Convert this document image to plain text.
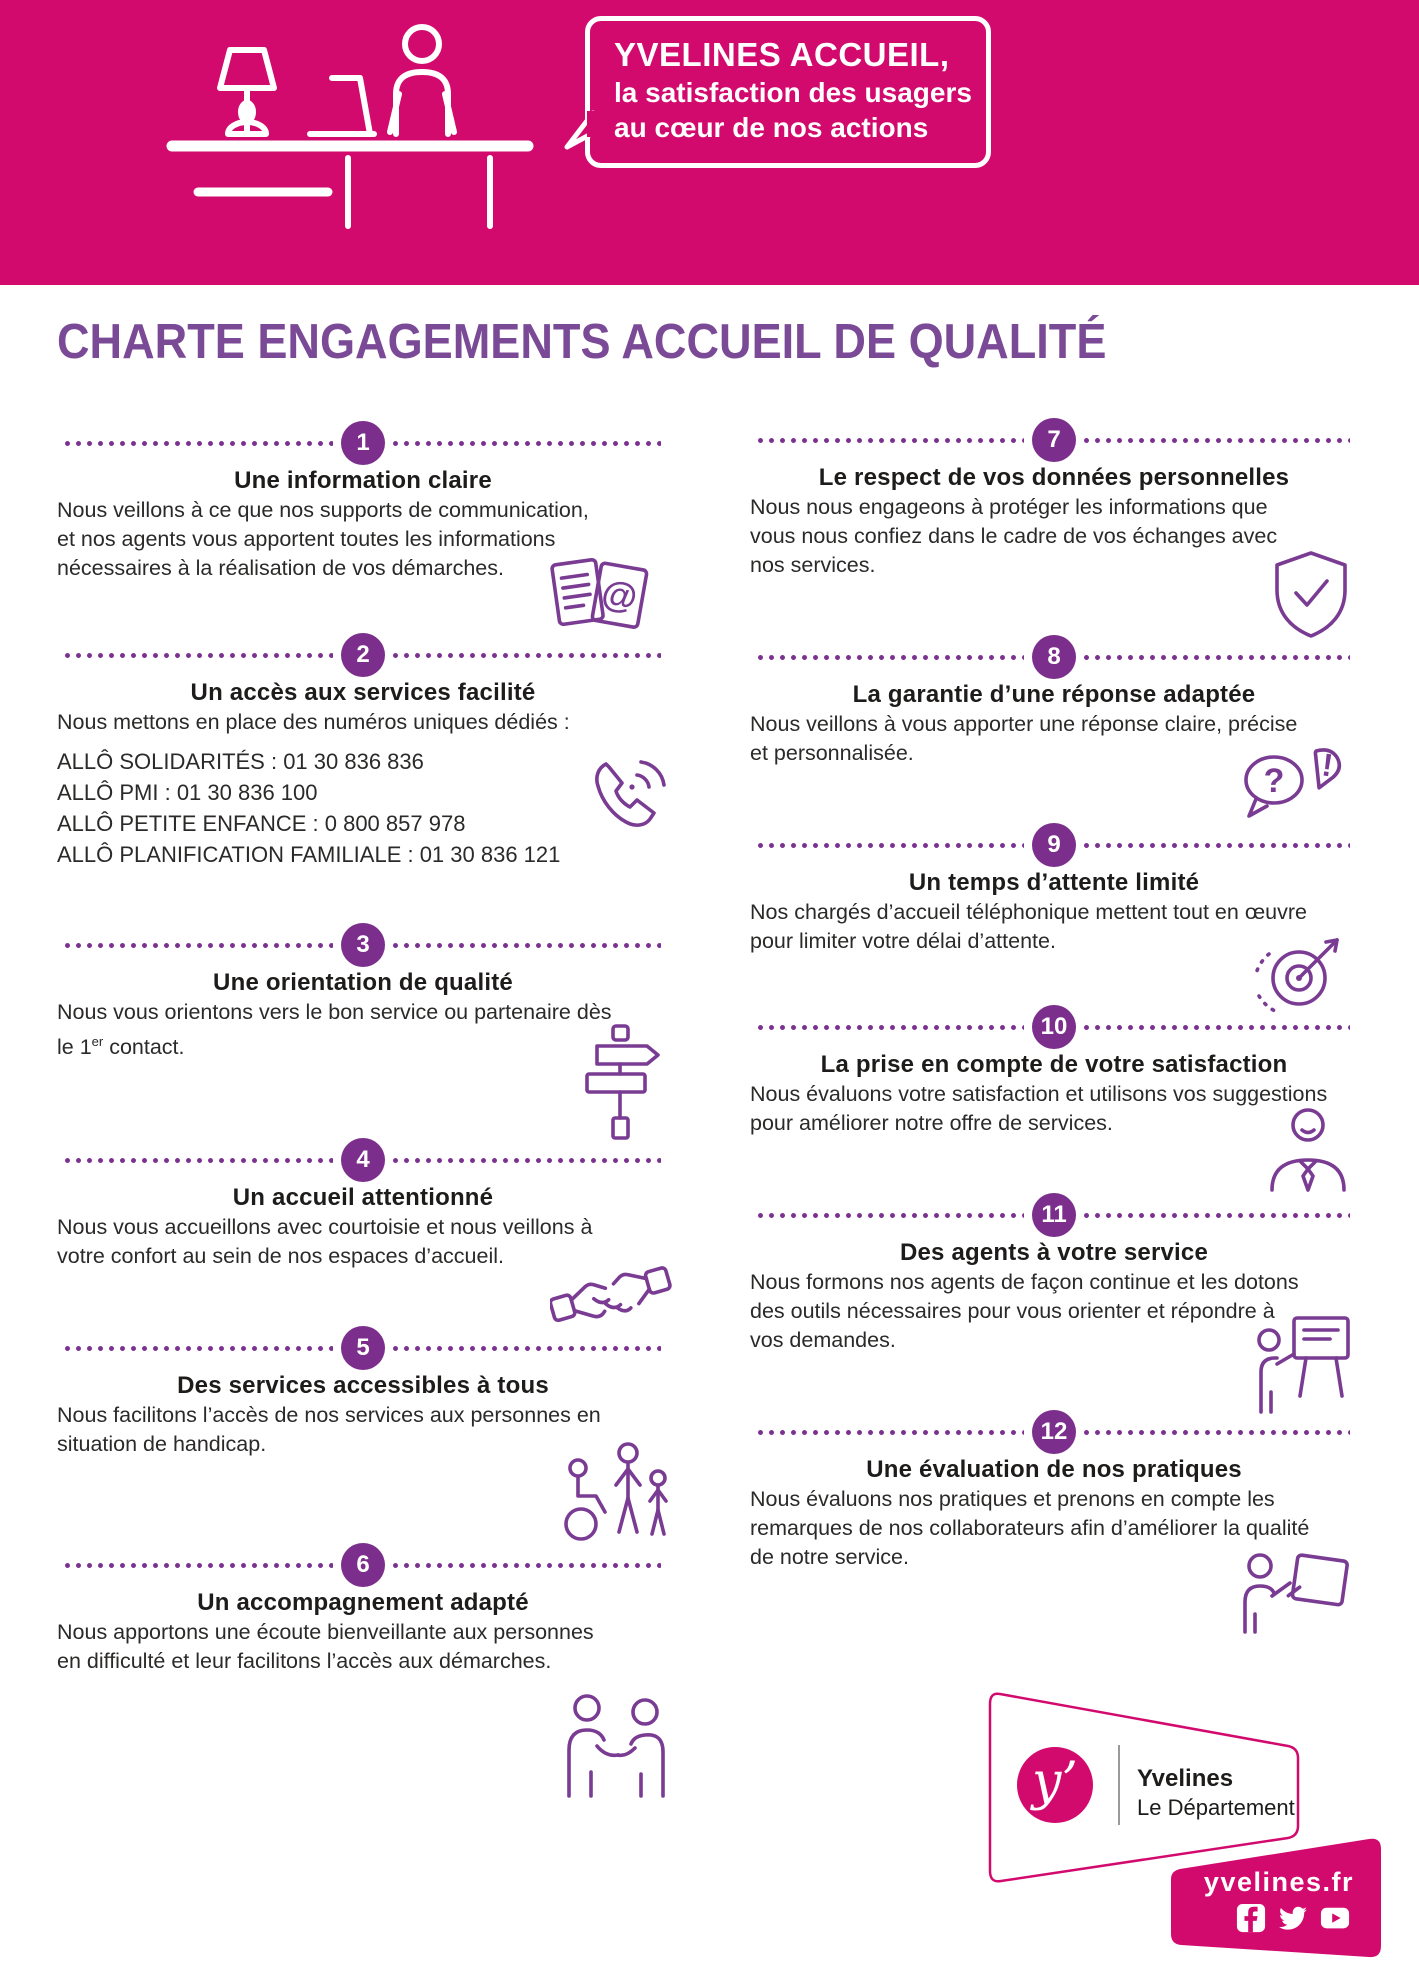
YVELINES ACCUEIL,
la satisfaction des usagers
au cœur de nos actions
CHARTE ENGAGEMENTS ACCUEIL DE QUALITÉ
1
Une information claire
Nous veillons à ce que nos supports de communication,
et nos agents vous apportent toutes les informations
nécessaires à la réalisation de vos démarches.
2
Un accès aux services facilité
Nous mettons en place des numéros uniques dédiés :
ALLÔ SOLIDARITÉS : 01 30 836 836
ALLÔ PMI : 01 30 836 100
ALLÔ PETITE ENFANCE : 0 800 857 978
ALLÔ PLANIFICATION FAMILIALE : 01 30 836 121
3
Une orientation de qualité
Nous vous orientons vers le bon service ou partenaire dès
le 1er contact.
4
Un accueil attentionné
Nous vous accueillons avec courtoisie et nous veillons à
votre confort au sein de nos espaces d’accueil.
5
Des services accessibles à tous
Nous facilitons l’accès de nos services aux personnes en
situation de handicap.
6
Un accompagnement adapté
Nous apportons une écoute bienveillante aux personnes
en difficulté et leur facilitons l’accès aux démarches.
7
Le respect de vos données personnelles
Nous nous engageons à protéger les informations que
vous nous confiez dans le cadre de vos échanges avec
nos services.
8
La garantie d’une réponse adaptée
Nous veillons à vous apporter une réponse claire, précise
et personnalisée.
9
Un temps d’attente limité
Nos chargés d’accueil téléphonique mettent tout en œuvre
pour limiter votre délai d’attente.
10
La prise en compte de votre satisfaction
Nous évaluons votre satisfaction et utilisons vos suggestions
pour améliorer notre offre de services.
11
Des agents à votre service
Nous formons nos agents de façon continue et les dotons
des outils nécessaires pour vous orienter et répondre à
vos demandes.
12
Une évaluation de nos pratiques
Nous évaluons nos pratiques et prenons en compte les
remarques de nos collaborateurs afin d’améliorer la qualité
de notre service.
@
? !
y’ Yvelines
Le Département
yvelines.fr
